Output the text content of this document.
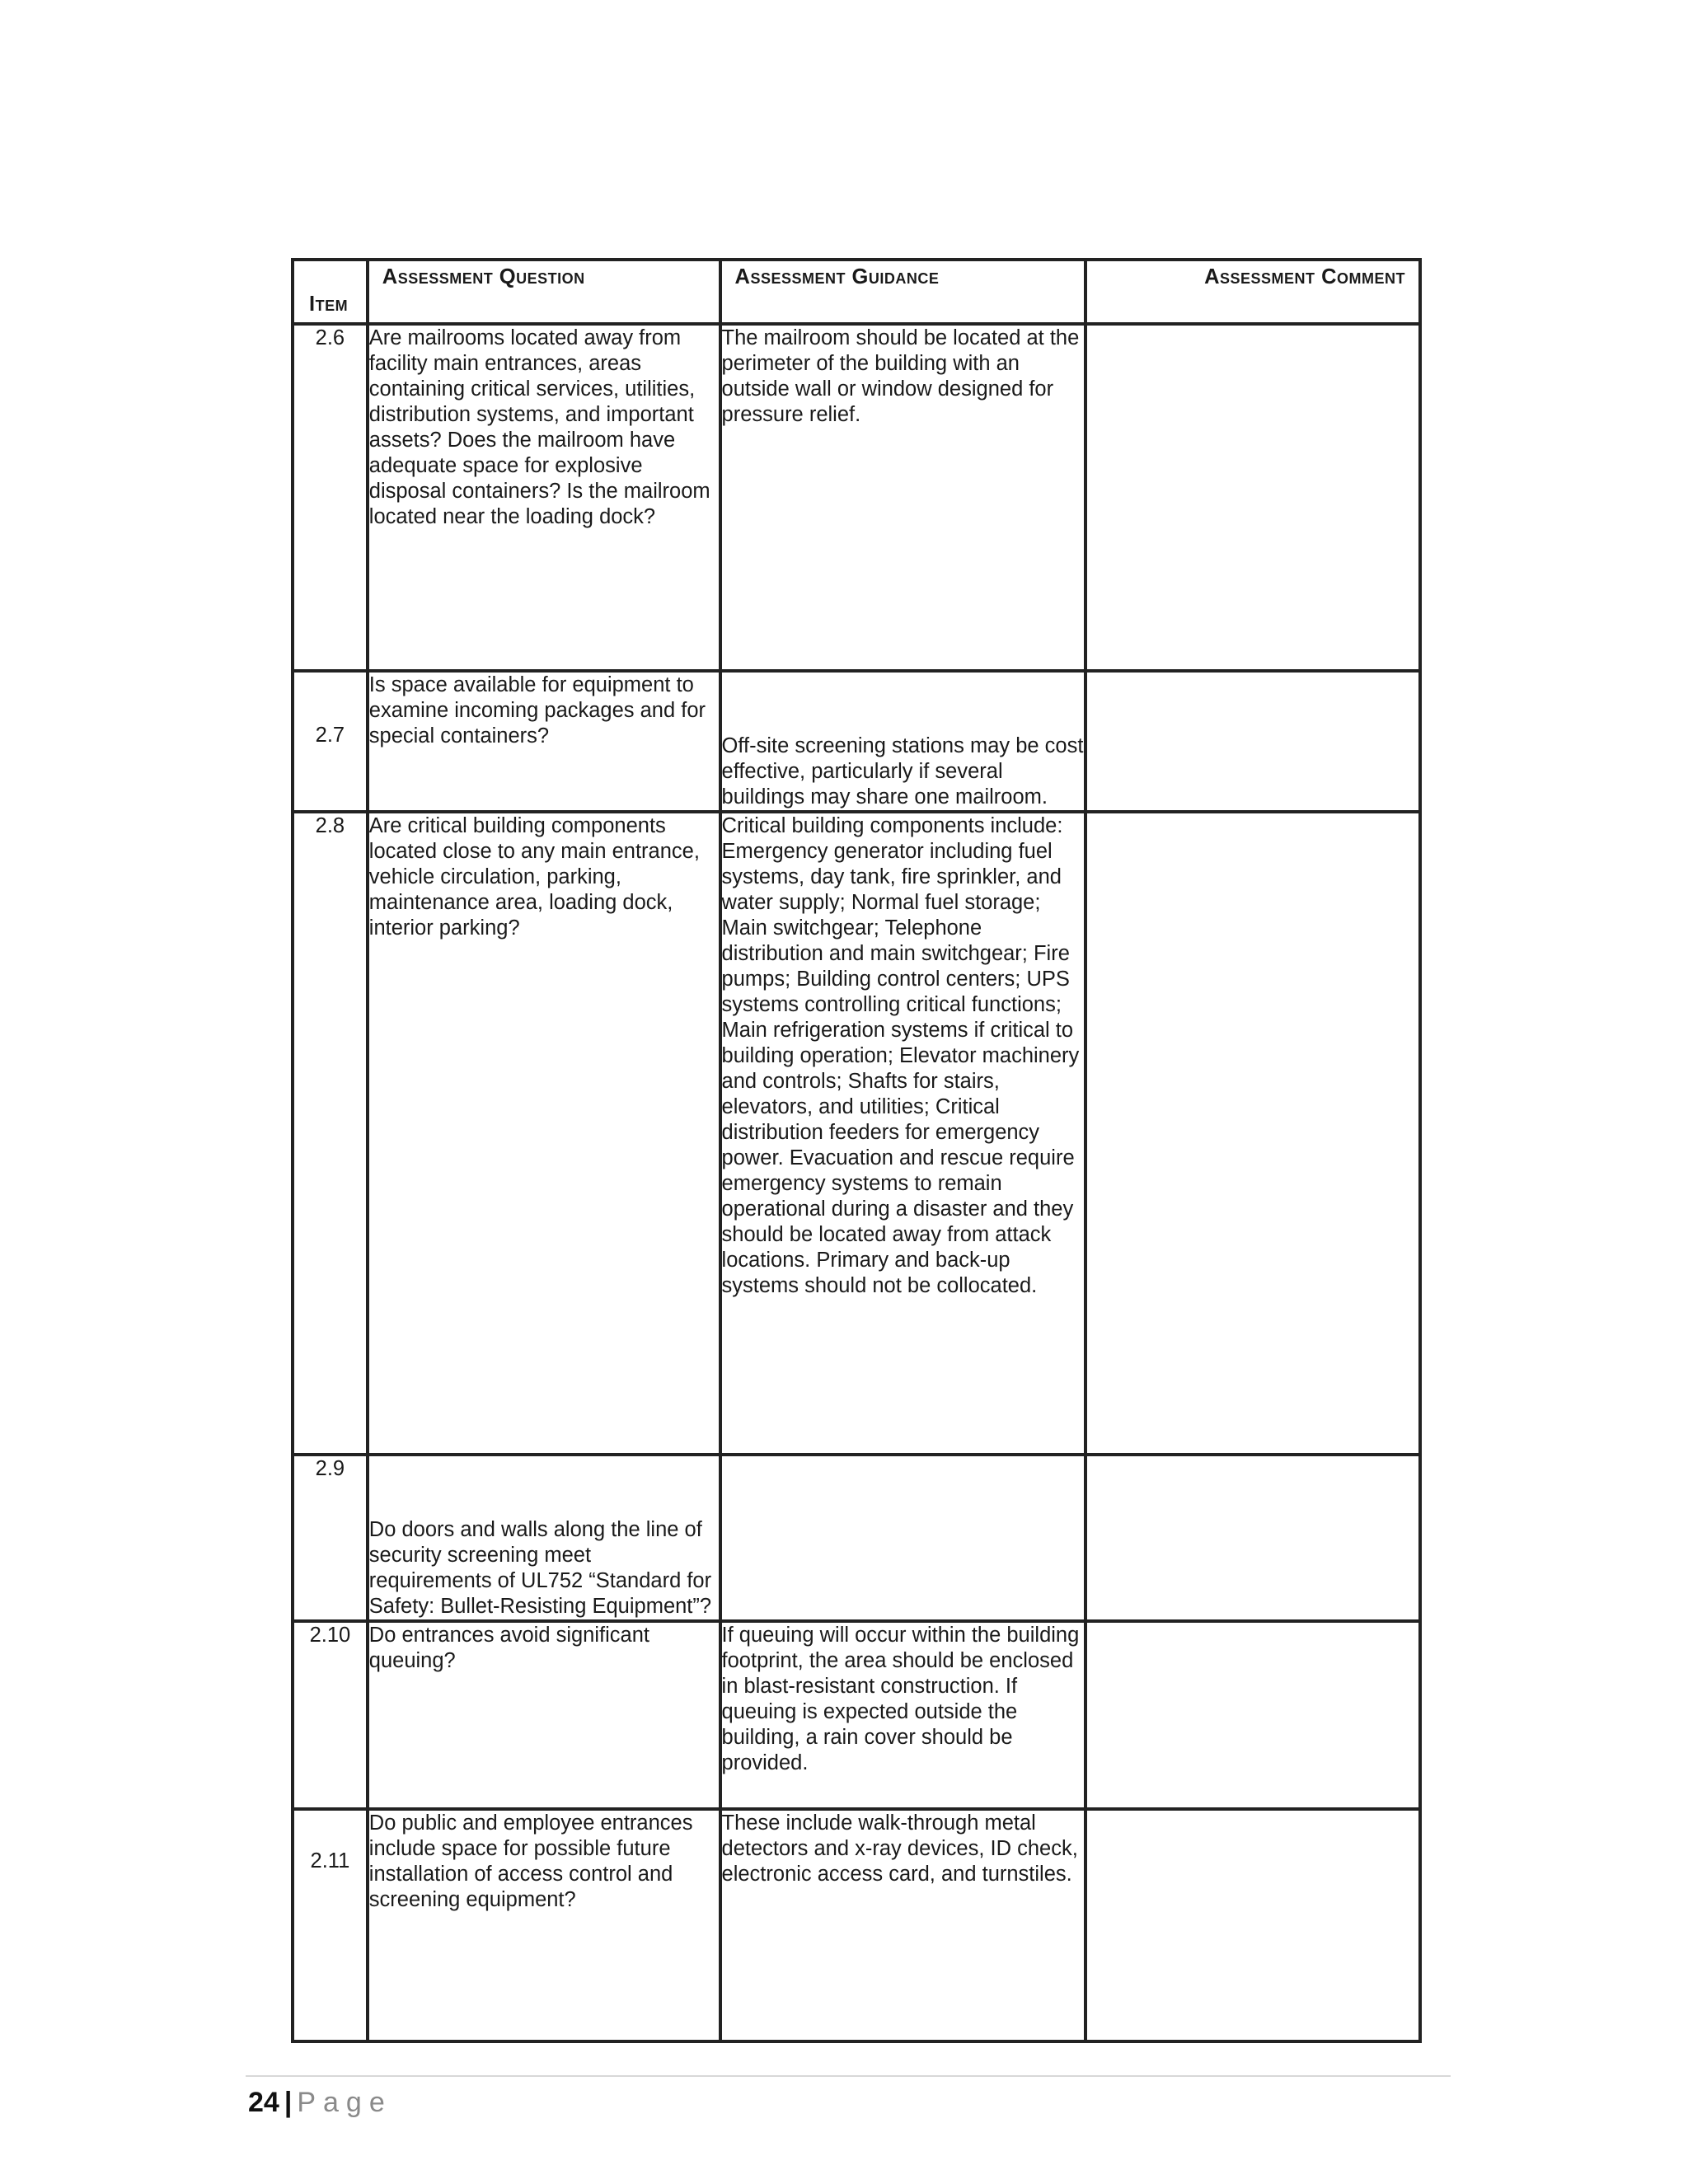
Item	Assessment Question	Assessment Guidance	Assessment Comment

2.6	Are mailrooms located away from facility main entrances, areas containing critical services, utilities, distribution systems, and important assets? Does the mailroom have adequate space for explosive disposal containers? Is the mailroom located near the loading dock?	The mailroom should be located at the perimeter of the building with an outside wall or window designed for pressure relief.	

2.7	Is space available for equipment to examine incoming packages and for special containers?	Off-site screening stations may be cost effective, particularly if several buildings may share one mailroom.	

2.8	Are critical building components located close to any main entrance, vehicle circulation, parking, maintenance area, loading dock, interior parking?	Critical building components include: Emergency generator including fuel systems, day tank, fire sprinkler, and water supply; Normal fuel storage; Main switchgear; Telephone distribution and main switchgear; Fire pumps; Building control centers; UPS systems controlling critical functions; Main refrigeration systems if critical to building operation; Elevator machinery and controls; Shafts for stairs, elevators, and utilities; Critical distribution feeders for emergency power. Evacuation and rescue require emergency systems to remain operational during a disaster and they should be located away from attack locations. Primary and back-up systems should not be collocated.	

2.9	Do doors and walls along the line of security screening meet requirements of UL752 “Standard for Safety: Bullet-Resisting Equipment”?		

2.10	Do entrances avoid significant queuing?	If queuing will occur within the building footprint, the area should be enclosed in blast-resistant construction. If queuing is expected outside the building, a rain cover should be provided.	

2.11	Do public and employee entrances include space for possible future installation of access control and screening equipment?	These include walk-through metal detectors and x-ray devices, ID check, electronic access card, and turnstiles.	

24 | Page
